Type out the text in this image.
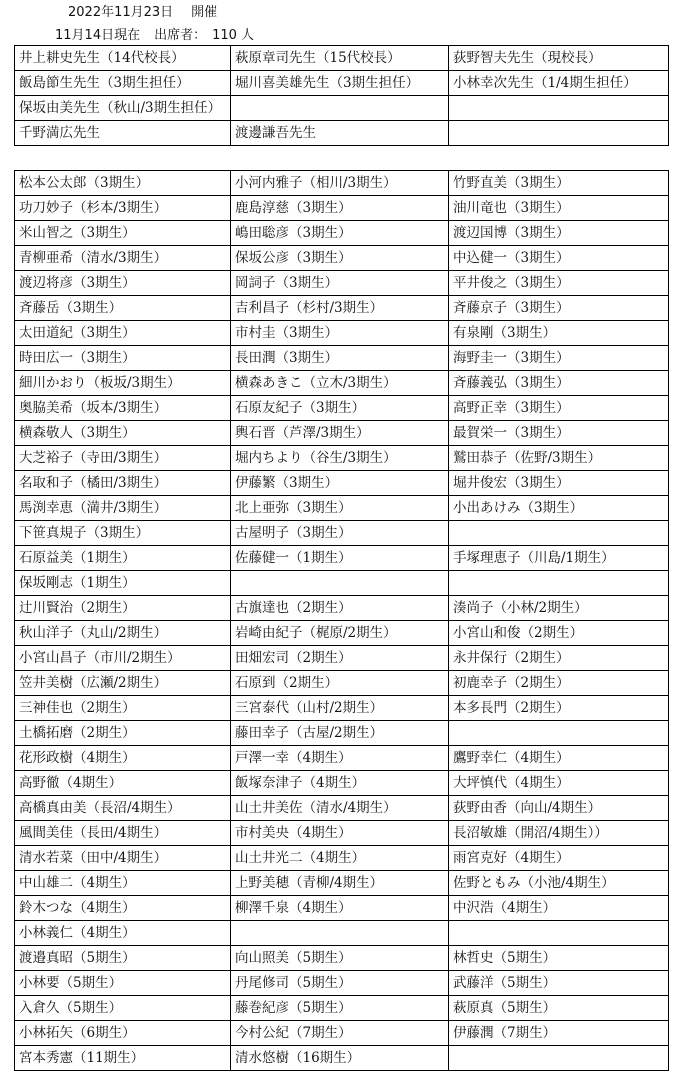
2022年11月23日 開催
11月14日現在 出席者： 110 人
井上耕史先生（14代校長）	萩原章司先生（15代校長）	荻野智夫先生（現校長）
飯島節生先生（3期生担任）	堀川喜美雄先生（3期生担任）	小林幸次先生（1/4期生担任）
保坂由美先生（秋山/3期生担任）		
千野満広先生	渡邊謙吾先生	
松本公太郎（3期生）	小河内雅子（相川/3期生）	竹野直美（3期生）
功刀妙子（杉本/3期生）	鹿島淳慈（3期生）	油川竜也（3期生）
米山智之（3期生）	嶋田聡彦（3期生）	渡辺国博（3期生）
青柳亜希（清水/3期生）	保坂公彦（3期生）	中込健一（3期生）
渡辺将彦（3期生）	岡詞子（3期生）	平井俊之（3期生）
斉藤岳（3期生）	吉利昌子（杉村/3期生）	斉藤京子（3期生）
太田道紀（3期生）	市村圭（3期生）	有泉剛（3期生）
時田広一（3期生）	長田潤（3期生）	海野圭一（3期生）
細川かおり（板坂/3期生）	横森あきこ（立木/3期生）	斉藤義弘（3期生）
奥脇美希（坂本/3期生）	石原友紀子（3期生）	高野正幸（3期生）
横森敬人（3期生）	輿石晋（芦澤/3期生）	最賀栄一（3期生）
大芝裕子（寺田/3期生）	堀内ちより（谷生/3期生）	鷲田恭子（佐野/3期生）
名取和子（橘田/3期生）	伊藤繁（3期生）	堀井俊宏（3期生）
馬渕幸恵（満井/3期生）	北上亜弥（3期生）	小出あけみ（3期生）
下笹真規子（3期生）	古屋明子（3期生）	
石原益美（1期生）	佐藤健一（1期生）	手塚理恵子（川島/1期生）
保坂剛志（1期生）		
辻川賢治（2期生）	古旗達也（2期生）	湊尚子（小林/2期生）
秋山洋子（丸山/2期生）	岩崎由紀子（梶原/2期生）	小宮山和俊（2期生）
小宮山昌子（市川/2期生）	田畑宏司（2期生）	永井保行（2期生）
笠井美樹（広瀬/2期生）	石原到（2期生）	初鹿幸子（2期生）
三神佳也（2期生）	三宮泰代（山村/2期生）	本多長門（2期生）
土橋拓磨（2期生）	藤田幸子（古屋/2期生）	
花形政樹（4期生）	戸澤一幸（4期生）	鷹野幸仁（4期生）
高野徹（4期生）	飯塚奈津子（4期生）	大坪慎代（4期生）
高橋真由美（長沼/4期生）	山土井美佐（清水/4期生）	荻野由香（向山/4期生）
風間美佳（長田/4期生）	市村美央（4期生）	長沼敏雄（開沼/4期生））
清水若菜（田中/4期生）	山土井光二（4期生）	雨宮克好（4期生）
中山雄二（4期生）	上野美穂（青柳/4期生）	佐野ともみ（小池/4期生）
鈴木つな（4期生）	柳澤千泉（4期生）	中沢浩（4期生）
小林義仁（4期生）		
渡邉真昭（5期生）	向山照美（5期生）	林哲史（5期生）
小林要（5期生）	丹尾修司（5期生）	武藤洋（5期生）
入倉久（5期生）	藤巻紀彦（5期生）	萩原真（5期生）
小林拓矢（6期生）	今村公紀（7期生）	伊藤潤（7期生）
宮本秀憲（11期生）	清水悠樹（16期生）	
